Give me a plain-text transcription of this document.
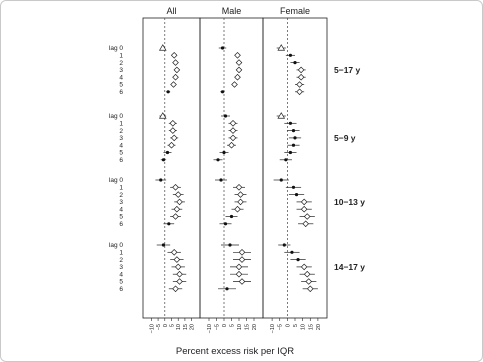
All
−10 −5 0 5 10 15 20
Male
−10 −5 0 5 10 15 20
Female
−10 −5 0 5 10 15 20
lag 0
1
2
3
4
5
6
5−17 y
lag 0
1
2
3
4
5
6
5−9 y
lag 0
1
2
3
4
5
6
10−13 y
lag 0
1
2
3
4
5
6
14−17 y
Percent excess risk per IQR
